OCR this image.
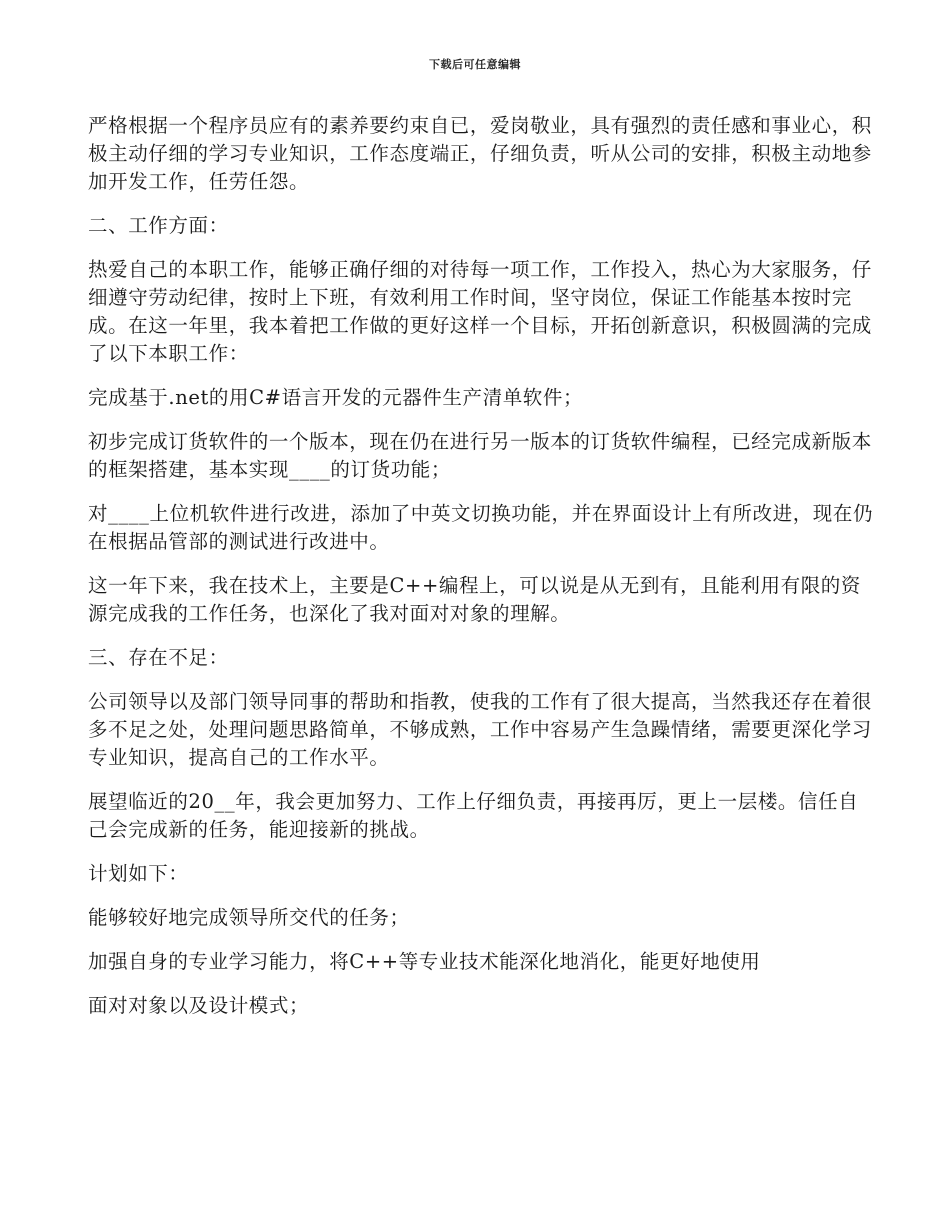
下载后可任意编辑

严格根据一个程序员应有的素养要约束自已，爱岗敬业，具有强烈的责任感和事业心，积极主动仔细的学习专业知识，工作态度端正，仔细负责，听从公司的安排，积极主动地参加开发工作，任劳任怨。

二、工作方面：

热爱自己的本职工作，能够正确仔细的对待每一项工作，工作投入，热心为大家服务，仔细遵守劳动纪律，按时上下班，有效利用工作时间，坚守岗位，保证工作能基本按时完成。在这一年里，我本着把工作做的更好这样一个目标，开拓创新意识，积极圆满的完成了以下本职工作：

完成基于.net的用C#语言开发的元器件生产清单软件；

初步完成订货软件的一个版本，现在仍在进行另一版本的订货软件编程，已经完成新版本的框架搭建，基本实现____的订货功能；

对____上位机软件进行改进，添加了中英文切换功能，并在界面设计上有所改进，现在仍在根据品管部的测试进行改进中。

这一年下来，我在技术上，主要是C++编程上，可以说是从无到有，且能利用有限的资源完成我的工作任务，也深化了我对面对对象的理解。

三、存在不足：

公司领导以及部门领导同事的帮助和指教，使我的工作有了很大提高，当然我还存在着很多不足之处，处理问题思路简单，不够成熟，工作中容易产生急躁情绪，需要更深化学习专业知识，提高自己的工作水平。

展望临近的20__年，我会更加努力、工作上仔细负责，再接再厉，更上一层楼。信任自己会完成新的任务，能迎接新的挑战。

计划如下：

能够较好地完成领导所交代的任务；

加强自身的专业学习能力，将C++等专业技术能深化地消化，能更好地使用

面对对象以及设计模式；
